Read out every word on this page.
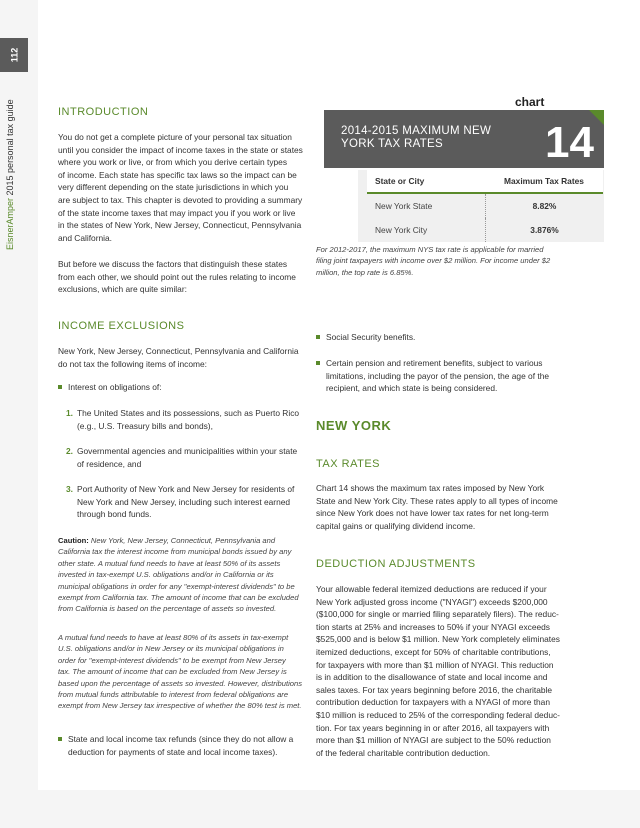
112
EisnerAmper 2015 personal tax guide	INTRODUCTION
You do not get a complete picture of your personal tax situation
until you consider the impact of income taxes in the state or states
where you work or live, or from which you derive certain types
of income. Each state has specific tax laws so the impact can be
very different depending on the state jurisdictions in which you
are subject to tax. This chapter is devoted to providing a summary
of the state income taxes that may impact you if you work or live
in the states of New York, New Jersey, Connecticut, Pennsylvania
and California.
But before we discuss the factors that distinguish these states
from each other, we should point out the rules relating to income
exclusions, which are quite similar:
chart
2014-2015 MAXIMUM NEW YORK TAX RATES	14
State or City	Maximum Tax Rates
New York State	8.82%
New York City	3.876%
For 2012-2017, the maximum NYS tax rate is applicable for married
filing joint taxpayers with income over $2 million. For income under $2
million, the top rate is 6.85%.
INCOME EXCLUSIONS
New York, New Jersey, Connecticut, Pennsylvania and California
do not tax the following items of income:
Interest on obligations of:
1. The United States and its possessions, such as Puerto Rico
(e.g., U.S. Treasury bills and bonds),
2. Governmental agencies and municipalities within your state
of residence, and
3. Port Authority of New York and New Jersey for residents of
New York and New Jersey, including such interest earned
through bond funds.
Caution: New York, New Jersey, Connecticut, Pennsylvania and
California tax the interest income from municipal bonds issued by any
other state. A mutual fund needs to have at least 50% of its assets
invested in tax-exempt U.S. obligations and/or in California or its
municipal obligations in order for any "exempt-interest dividends" to be
exempt from California tax. The amount of income that can be excluded
from California is based on the percentage of assets so invested.
A mutual fund needs to have at least 80% of its assets in tax-exempt
U.S. obligations and/or in New Jersey or its municipal obligations in
order for "exempt-interest dividends" to be exempt from New Jersey
tax. The amount of income that can be excluded from New Jersey is
based upon the percentage of assets so invested. However, distributions
from mutual funds attributable to interest from federal obligations are
exempt from New Jersey tax irrespective of whether the 80% test is met.
State and local income tax refunds (since they do not allow a
deduction for payments of state and local income taxes).
Social Security benefits.
Certain pension and retirement benefits, subject to various
limitations, including the payor of the pension, the age of the
recipient, and which state is being considered.
NEW YORK
TAX RATES
Chart 14 shows the maximum tax rates imposed by New York
State and New York City. These rates apply to all types of income
since New York does not have lower tax rates for net long-term
capital gains or qualifying dividend income.
DEDUCTION ADJUSTMENTS
Your allowable federal itemized deductions are reduced if your
New York adjusted gross income ("NYAGI") exceeds $200,000
($100,000 for single or married filing separately filers). The reduc-
tion starts at 25% and increases to 50% if your NYAGI exceeds
$525,000 and is below $1 million. New York completely eliminates
itemized deductions, except for 50% of charitable contributions,
for taxpayers with more than $1 million of NYAGI. This reduction
is in addition to the disallowance of state and local income and
sales taxes. For tax years beginning before 2016, the charitable
contribution deduction for taxpayers with a NYAGI of more than
$10 million is reduced to 25% of the corresponding federal deduc-
tion. For tax years beginning in or after 2016, all taxpayers with
more than $1 million of NYAGI are subject to the 50% reduction
of the federal charitable contribution deduction.
